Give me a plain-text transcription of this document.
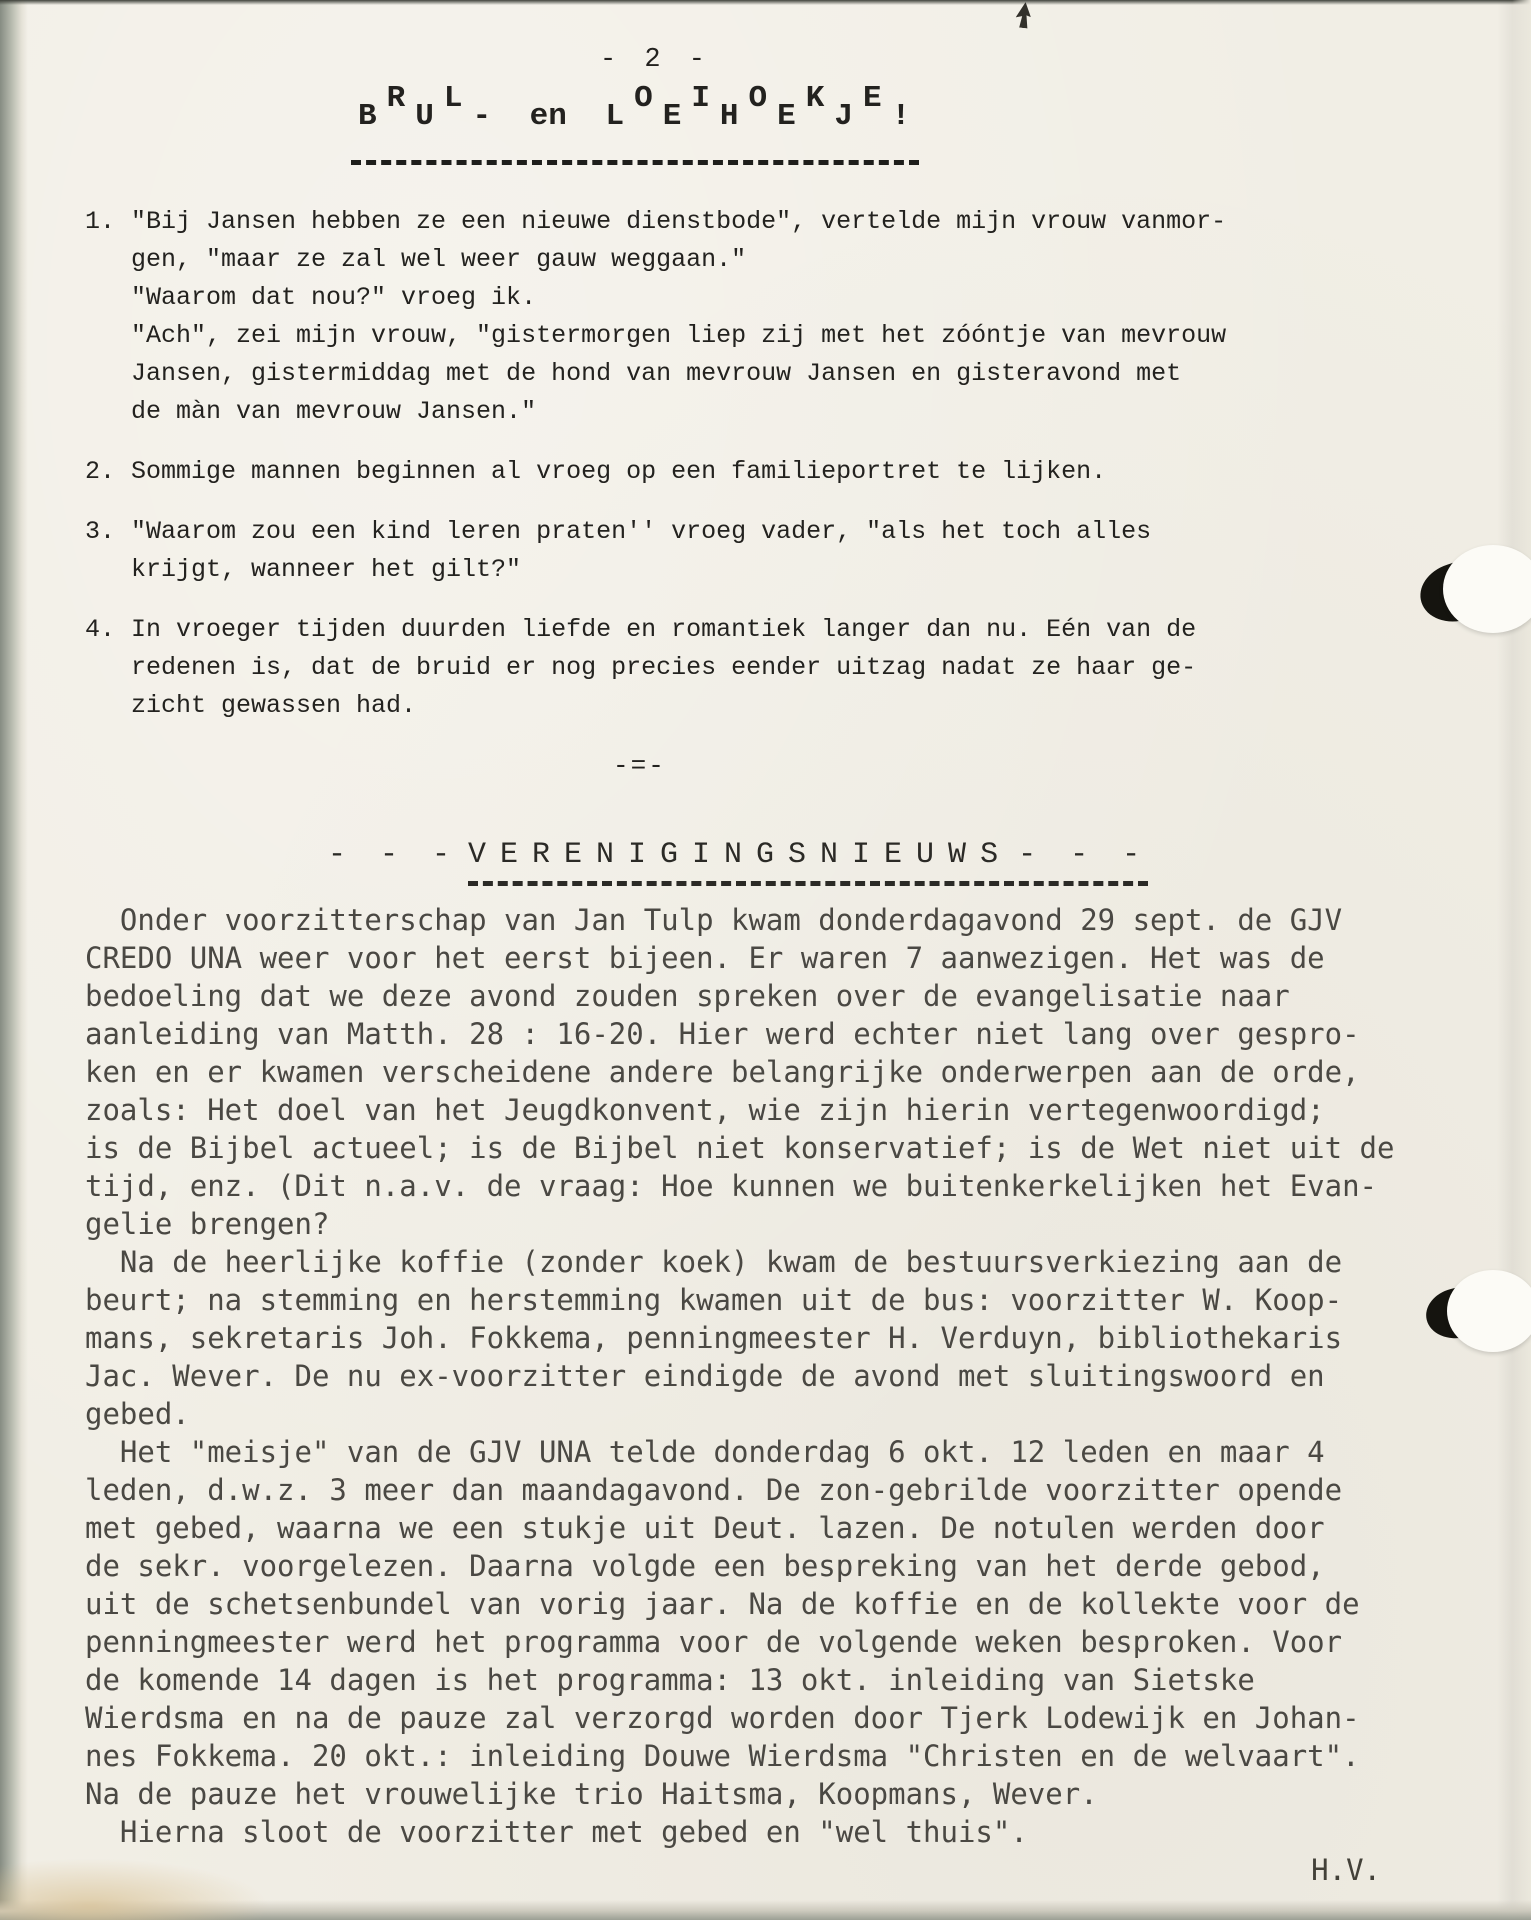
- 2 -
BRUL- en LOEIHOEKJE!
1. "Bij Jansen hebben ze een nieuwe dienstbode", vertelde mijn vrouw vanmor-
gen, "maar ze zal wel weer gauw weggaan."
"Waarom dat nou?" vroeg ik.
"Ach", zei mijn vrouw, "gistermorgen liep zij met het zóóntje van mevrouw
Jansen, gistermiddag met de hond van mevrouw Jansen en gisteravond met
de màn van mevrouw Jansen."
2. Sommige mannen beginnen al vroeg op een familieportret te lijken.
3. "Waarom zou een kind leren praten'' vroeg vader, "als het toch alles
krijgt, wanneer het gilt?"
4. In vroeger tijden duurden liefde en romantiek langer dan nu. Eén van de
redenen is, dat de bruid er nog precies eender uitzag nadat ze haar ge-
zicht gewassen had.
-=-
- - - VERENIGINGSNIEUWS - - -
Onder voorzitterschap van Jan Tulp kwam donderdagavond 29 sept. de GJV
CREDO UNA weer voor het eerst bijeen. Er waren 7 aanwezigen. Het was de
bedoeling dat we deze avond zouden spreken over de evangelisatie naar
aanleiding van Matth. 28 : 16-20. Hier werd echter niet lang over gespro-
ken en er kwamen verscheidene andere belangrijke onderwerpen aan de orde,
zoals: Het doel van het Jeugdkonvent, wie zijn hierin vertegenwoordigd;
is de Bijbel actueel; is de Bijbel niet konservatief; is de Wet niet uit de
tijd, enz. (Dit n.a.v. de vraag: Hoe kunnen we buitenkerkelijken het Evan-
gelie brengen?
Na de heerlijke koffie (zonder koek) kwam de bestuursverkiezing aan de
beurt; na stemming en herstemming kwamen uit de bus: voorzitter W. Koop-
mans, sekretaris Joh. Fokkema, penningmeester H. Verduyn, bibliothekaris
Jac. Wever. De nu ex-voorzitter eindigde de avond met sluitingswoord en
gebed.
Het "meisje" van de GJV UNA telde donderdag 6 okt. 12 leden en maar 4
leden, d.w.z. 3 meer dan maandagavond. De zon-gebrilde voorzitter opende
met gebed, waarna we een stukje uit Deut. lazen. De notulen werden door
de sekr. voorgelezen. Daarna volgde een bespreking van het derde gebod,
uit de schetsenbundel van vorig jaar. Na de koffie en de kollekte voor de
penningmeester werd het programma voor de volgende weken besproken. Voor
de komende 14 dagen is het programma: 13 okt. inleiding van Sietske
Wierdsma en na de pauze zal verzorgd worden door Tjerk Lodewijk en Johan-
nes Fokkema. 20 okt.: inleiding Douwe Wierdsma "Christen en de welvaart".
Na de pauze het vrouwelijke trio Haitsma, Koopmans, Wever.
Hierna sloot de voorzitter met gebed en "wel thuis".
H.V.
